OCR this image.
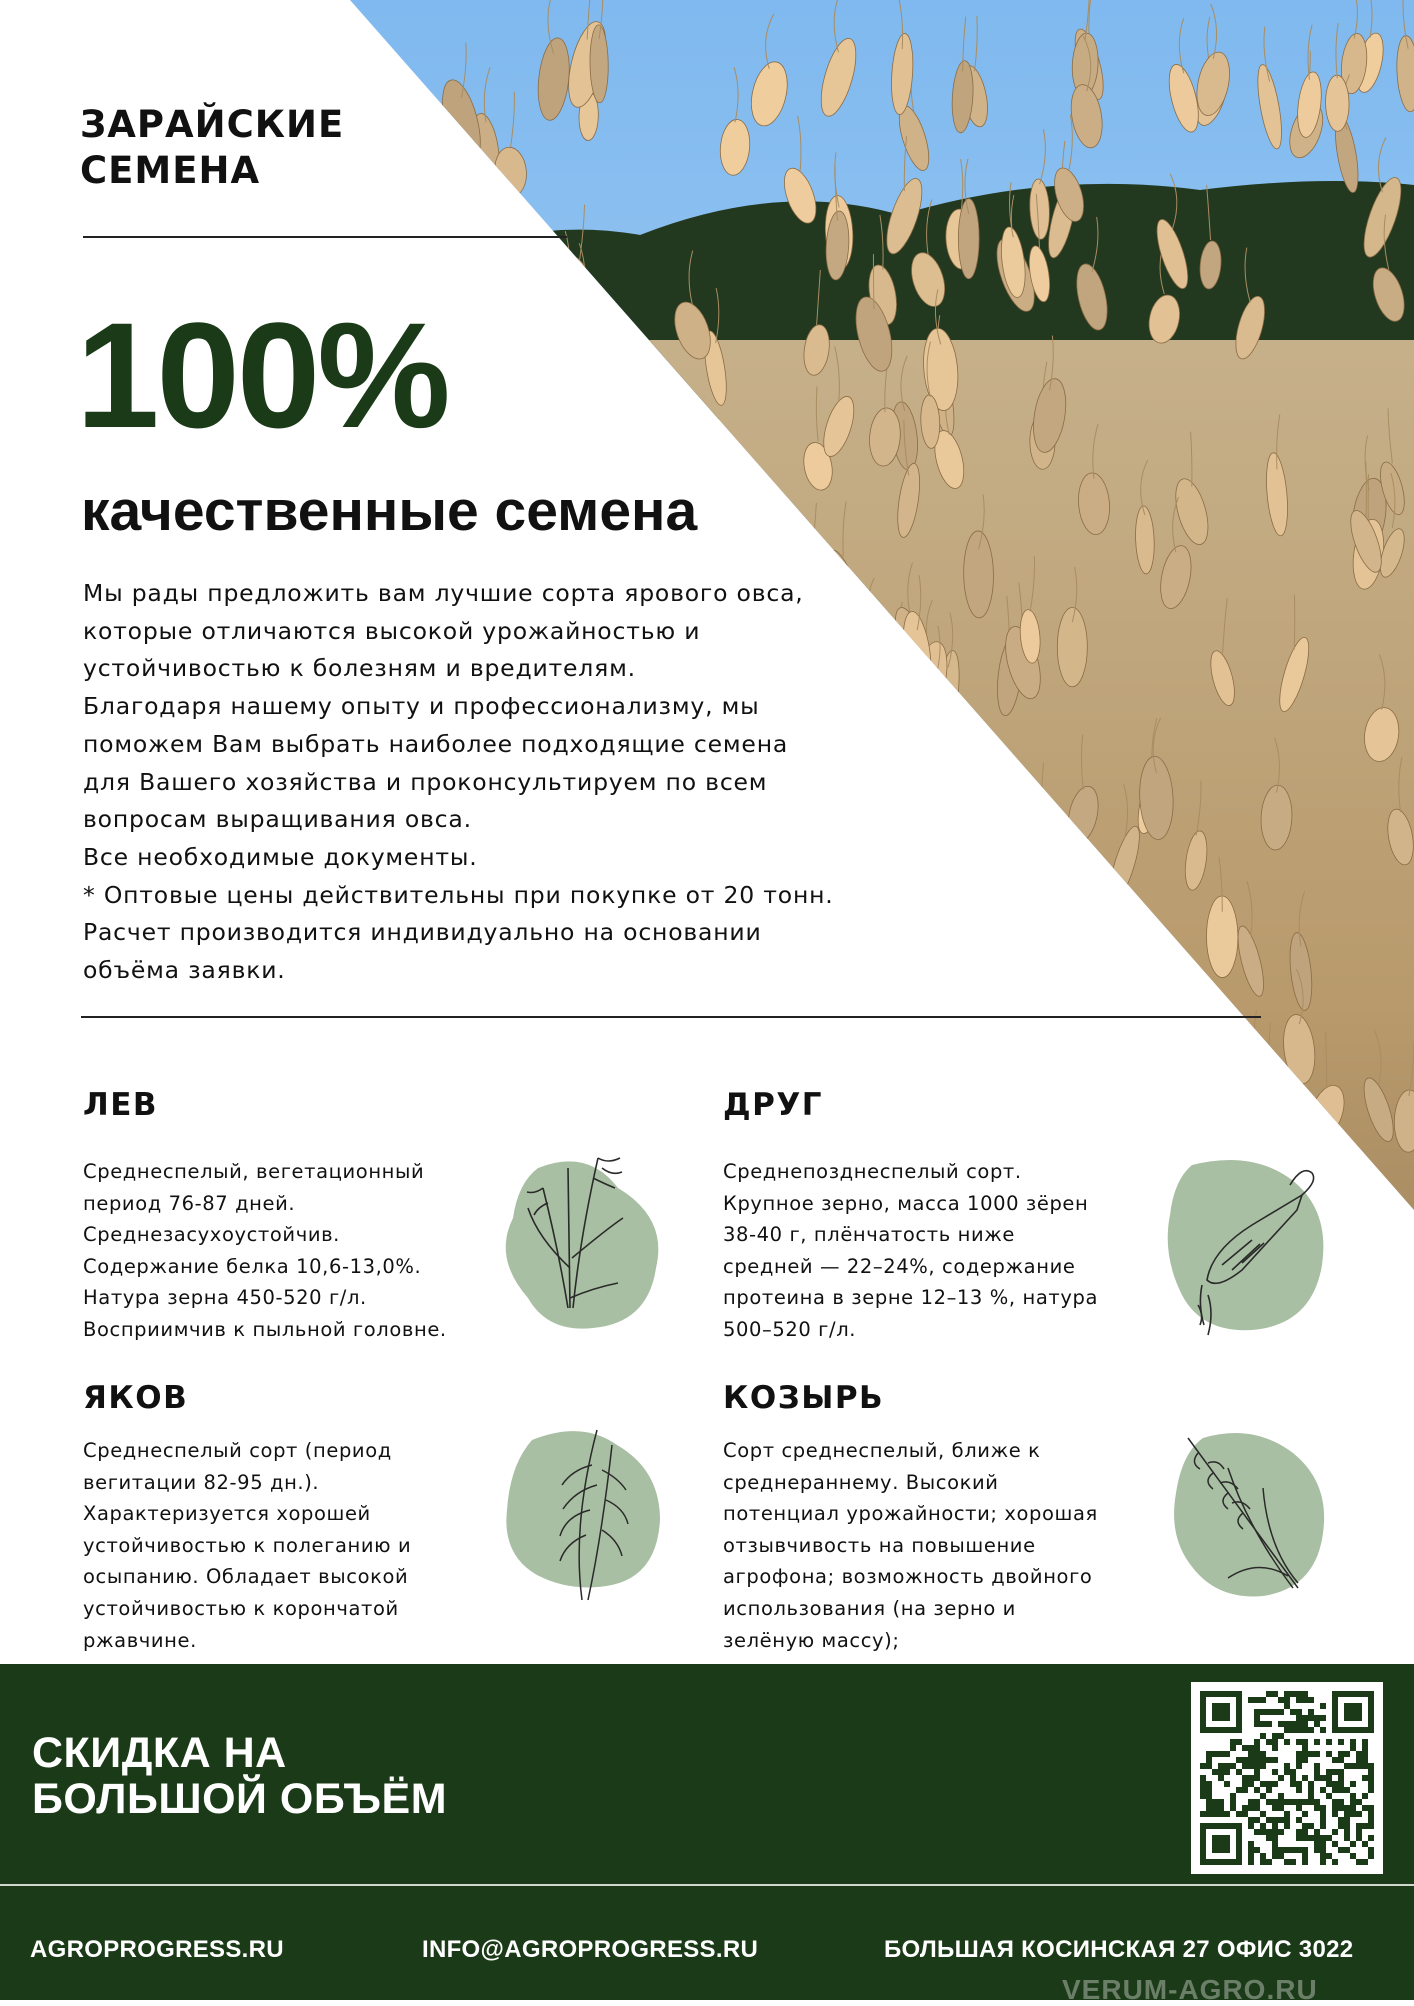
ЗАРАЙСКИЕ
СЕМЕНА
100%
качественные семена

Мы рады предложить вам лучшие сорта ярового овса,

которые отличаются высокой урожайностью и

устойчивостью к болезням и вредителям.

Благодаря нашему опыту и профессионализму, мы

поможем Вам выбрать наиболее подходящие семена

для Вашего хозяйства и проконсультируем по всем

вопросам выращивания овса.

Все необходимые документы.

* Оптовые цены действительны при покупке от 20 тонн.

Расчет производится индивидуально на основании

объёма заявки.

ЛЕВ
Среднеспелый, вегетационный
период 76-87 дней.
Среднезасухоустойчив.
Содержание белка 10,6-13,0%.
Натура зерна 450-520 г/л.
Восприимчив к пыльной головне.
ДРУГ
Среднепозднеспелый сорт.
Крупное зерно, масса 1000 зёрен
38-40 г, плёнчатость ниже
средней — 22–24%, содержание
протеина в зерне 12–13 %, натура
500–520 г/л.
ЯКОВ
Среднеспелый сорт (период
вегитации 82-95 дн.).
Характеризуется хорошей
устойчивостью к полеганию и
осыпанию. Обладает высокой
устойчивостью к корончатой
ржавчине.
КОЗЫРЬ
Сорт среднеспелый, ближе к
среднераннему. Высокий
потенциал урожайности; хорошая
отзывчивость на повышение
агрофона; возможность двойного
использования (на зерно и
зелёную массу);
СКИДКА НА
БОЛЬШОЙ ОБЪЁМ
AGROPROGRESS.RU	INFO@AGROPROGRESS.RU	БОЛЬШАЯ КОСИНСКАЯ 27 ОФИС 3022
VERUM-AGRO.RU
